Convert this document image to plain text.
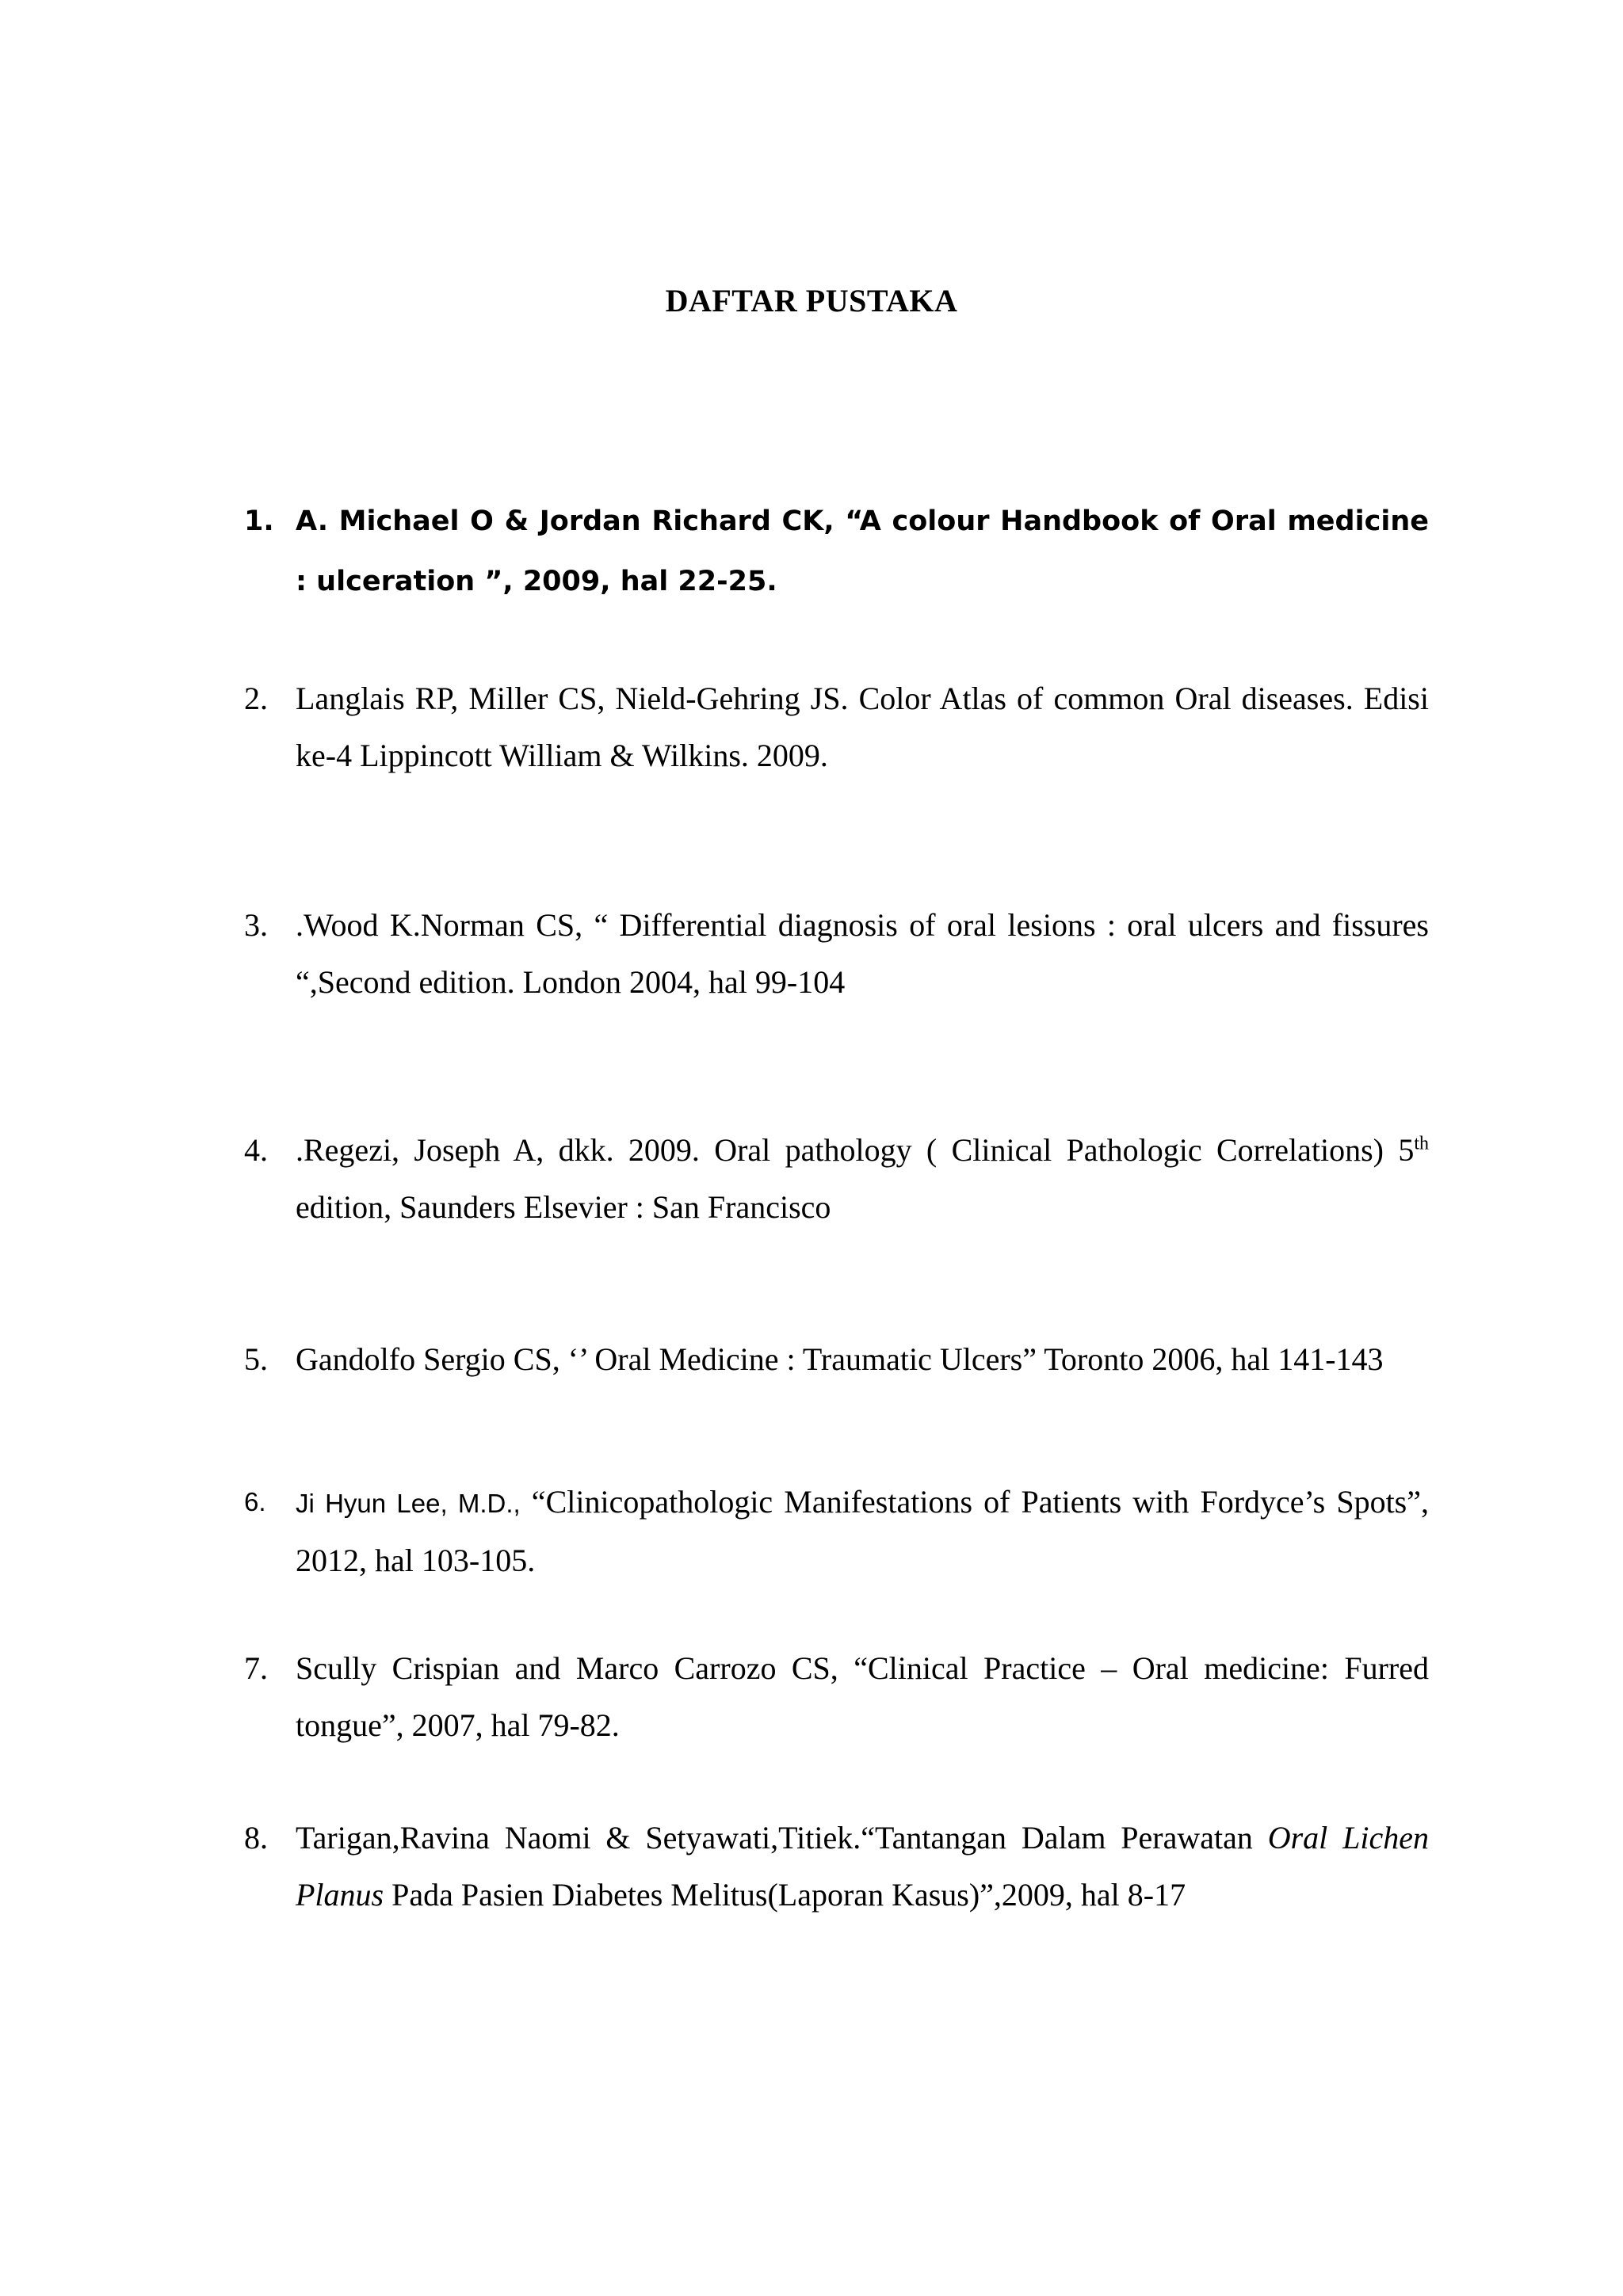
DAFTAR PUSTAKA
1. A. Michael O & Jordan Richard CK, “A colour Handbook of Oral medicine : ulceration ”, 2009, hal 22-25.
2. Langlais RP, Miller CS, Nield-Gehring JS. Color Atlas of common Oral diseases. Edisi ke-4 Lippincott William & Wilkins. 2009.
3. .Wood K.Norman CS, “ Differential diagnosis of oral lesions : oral ulcers and fissures “,Second edition. London 2004, hal 99-104
4. .Regezi, Joseph A, dkk. 2009. Oral pathology ( Clinical Pathologic Correlations) 5th edition, Saunders Elsevier : San Francisco
5. Gandolfo Sergio CS, ‘’ Oral Medicine : Traumatic Ulcers” Toronto 2006, hal 141-143
6.	Ji Hyun Lee, M.D., “Clinicopathologic Manifestations of Patients with Fordyce’s Spots”, 2012, hal 103-105.
7. Scully Crispian and Marco Carrozo CS, “Clinical Practice – Oral medicine: Furred tongue”, 2007, hal 79-82.
8. Tarigan,Ravina Naomi & Setyawati,Titiek.“Tantangan Dalam Perawatan Oral Lichen Planus Pada Pasien Diabetes Melitus(Laporan Kasus)”,2009, hal 8-17
